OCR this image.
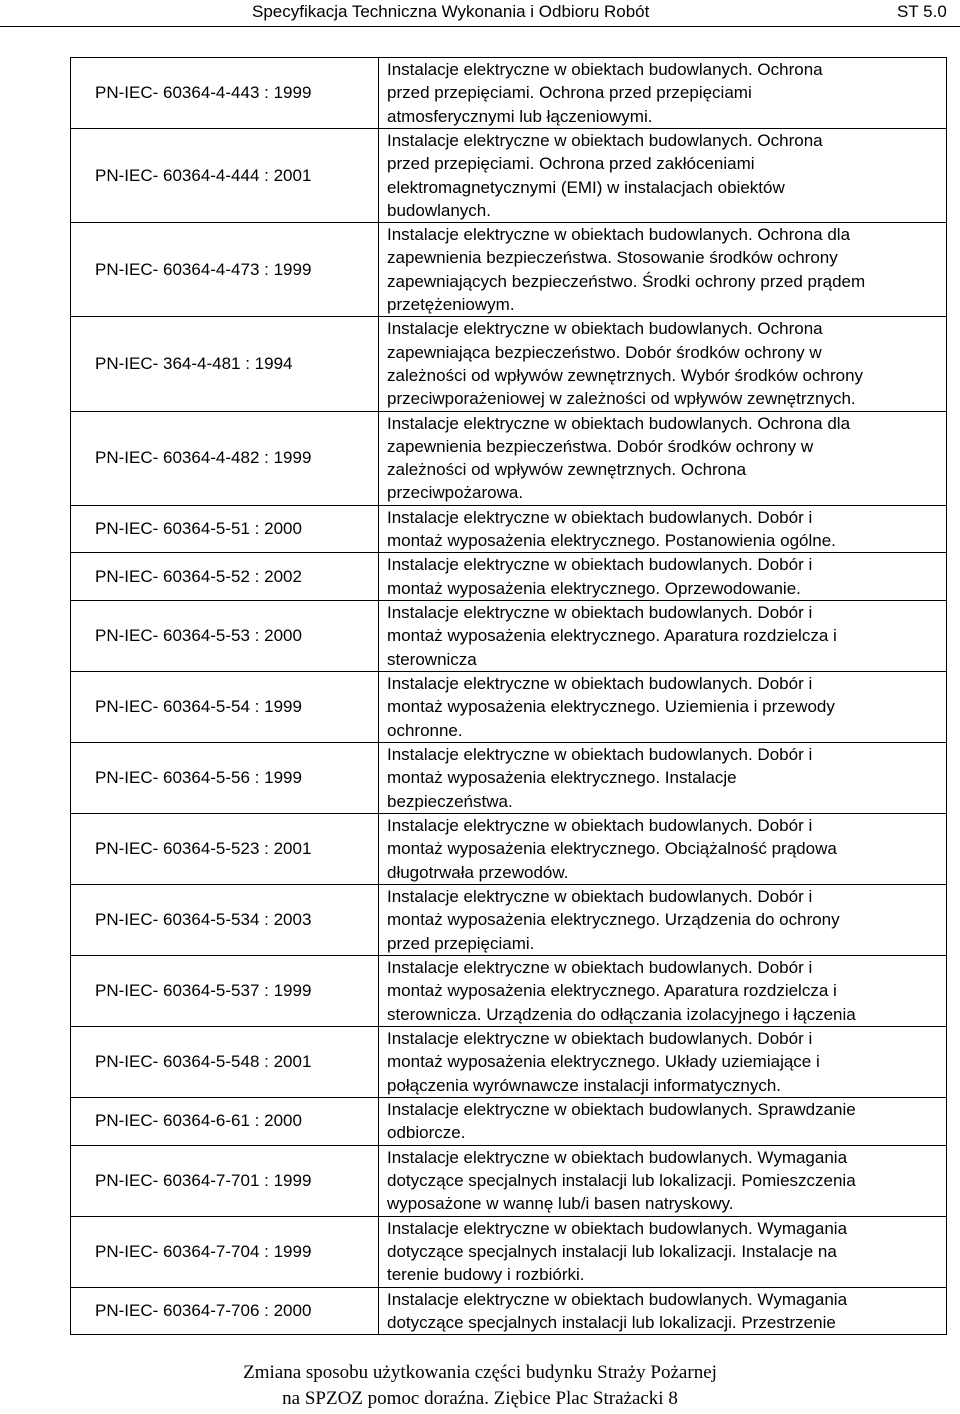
Specyfikacja Techniczna Wykonania i Odbioru Robót	ST 5.0
PN-IEC- 60364-4-443 : 1999	Instalacje elektryczne w obiektach budowlanych. Ochrona
przed przepięciami. Ochrona przed przepięciami
atmosferycznymi lub łączeniowymi.

PN-IEC- 60364-4-444 : 2001	Instalacje elektryczne w obiektach budowlanych. Ochrona
przed przepięciami. Ochrona przed zakłóceniami
elektromagnetycznymi (EMI) w instalacjach obiektów
budowlanych.

PN-IEC- 60364-4-473 : 1999	Instalacje elektryczne w obiektach budowlanych. Ochrona dla
zapewnienia bezpieczeństwa. Stosowanie środków ochrony
zapewniających bezpieczeństwo. Środki ochrony przed prądem
przetężeniowym.

PN-IEC- 364-4-481 : 1994	Instalacje elektryczne w obiektach budowlanych. Ochrona
zapewniająca bezpieczeństwo. Dobór środków ochrony w
zależności od wpływów zewnętrznych. Wybór środków ochrony
przeciwporażeniowej w zależności od wpływów zewnętrznych.

PN-IEC- 60364-4-482 : 1999	Instalacje elektryczne w obiektach budowlanych. Ochrona dla
zapewnienia bezpieczeństwa. Dobór środków ochrony w
zależności od wpływów zewnętrznych. Ochrona
przeciwpożarowa.

PN-IEC- 60364-5-51 : 2000	Instalacje elektryczne w obiektach budowlanych. Dobór i
montaż wyposażenia elektrycznego. Postanowienia ogólne.

PN-IEC- 60364-5-52 : 2002	Instalacje elektryczne w obiektach budowlanych. Dobór i
montaż wyposażenia elektrycznego. Oprzewodowanie.

PN-IEC- 60364-5-53 : 2000	Instalacje elektryczne w obiektach budowlanych. Dobór i
montaż wyposażenia elektrycznego. Aparatura rozdzielcza i
sterownicza

PN-IEC- 60364-5-54 : 1999	Instalacje elektryczne w obiektach budowlanych. Dobór i
montaż wyposażenia elektrycznego. Uziemienia i przewody
ochronne.

PN-IEC- 60364-5-56 : 1999	Instalacje elektryczne w obiektach budowlanych. Dobór i
montaż wyposażenia elektrycznego. Instalacje
bezpieczeństwa.

PN-IEC- 60364-5-523 : 2001	Instalacje elektryczne w obiektach budowlanych. Dobór i
montaż wyposażenia elektrycznego. Obciążalność prądowa
długotrwała przewodów.

PN-IEC- 60364-5-534 : 2003	Instalacje elektryczne w obiektach budowlanych. Dobór i
montaż wyposażenia elektrycznego. Urządzenia do ochrony
przed przepięciami.

PN-IEC- 60364-5-537 : 1999	Instalacje elektryczne w obiektach budowlanych. Dobór i
montaż wyposażenia elektrycznego. Aparatura rozdzielcza i
sterownicza. Urządzenia do odłączania izolacyjnego i łączenia

PN-IEC- 60364-5-548 : 2001	Instalacje elektryczne w obiektach budowlanych. Dobór i
montaż wyposażenia elektrycznego. Układy uziemiające i
połączenia wyrównawcze instalacji informatycznych.

PN-IEC- 60364-6-61 : 2000	Instalacje elektryczne w obiektach budowlanych. Sprawdzanie
odbiorcze.

PN-IEC- 60364-7-701 : 1999	Instalacje elektryczne w obiektach budowlanych. Wymagania
dotyczące specjalnych instalacji lub lokalizacji. Pomieszczenia
wyposażone w wannę lub/i basen natryskowy.

PN-IEC- 60364-7-704 : 1999	Instalacje elektryczne w obiektach budowlanych. Wymagania
dotyczące specjalnych instalacji lub lokalizacji. Instalacje na
terenie budowy i rozbiórki.

PN-IEC- 60364-7-706 : 2000	Instalacje elektryczne w obiektach budowlanych. Wymagania
dotyczące specjalnych instalacji lub lokalizacji. Przestrzenie
Zmiana sposobu użytkowania części budynku Straży Pożarnej
na SPZOZ pomoc doraźna. Ziębice Plac Strażacki 8
